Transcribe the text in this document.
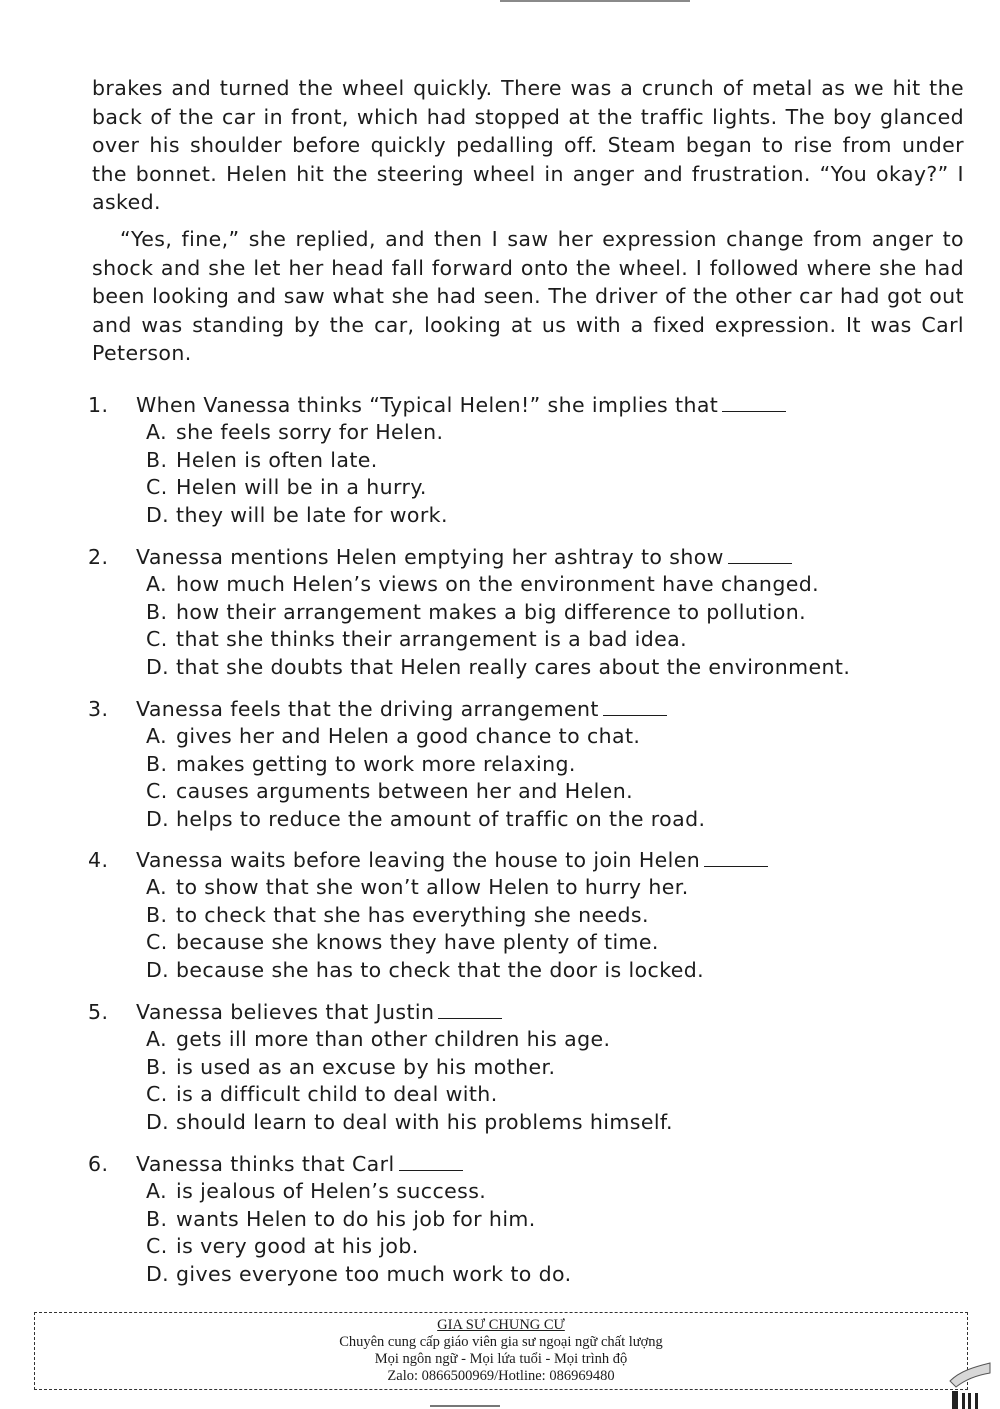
brakes and turned the wheel quickly. There was a crunch of metal as we hit the back of the car in front, which had stopped at the traffic lights. The boy glanced over his shoulder before quickly pedalling off. Steam began to rise from under the bonnet. Helen hit the steering wheel in anger and frustration. “You okay?” I asked.

“Yes, fine,” she replied, and then I saw her expression change from anger to shock and she let her head fall forward onto the wheel. I followed where she had been looking and saw what she had seen. The driver of the other car had got out and was standing by the car, looking at us with a fixed expression. It was Carl Peterson.

1. When Vanessa thinks “Typical Helen!” she implies that
A. she feels sorry for Helen.
B. Helen is often late.
C. Helen will be in a hurry.
D. they will be late for work.
2. Vanessa mentions Helen emptying her ashtray to show
A. how much Helen’s views on the environment have changed.
B. how their arrangement makes a big difference to pollution.
C. that she thinks their arrangement is a bad idea.
D. that she doubts that Helen really cares about the environment.
3. Vanessa feels that the driving arrangement
A. gives her and Helen a good chance to chat.
B. makes getting to work more relaxing.
C. causes arguments between her and Helen.
D. helps to reduce the amount of traffic on the road.
4. Vanessa waits before leaving the house to join Helen
A. to show that she won’t allow Helen to hurry her.
B. to check that she has everything she needs.
C. because she knows they have plenty of time.
D. because she has to check that the door is locked.
5. Vanessa believes that Justin
A. gets ill more than other children his age.
B. is used as an excuse by his mother.
C. is a difficult child to deal with.
D. should learn to deal with his problems himself.
6. Vanessa thinks that Carl
A. is jealous of Helen’s success.
B. wants Helen to do his job for him.
C. is very good at his job.
D. gives everyone too much work to do.
GIA SƯ CHUNG CƯ
Chuyên cung cấp giáo viên gia sư ngoại ngữ chất lượng
Mọi ngôn ngữ - Mọi lứa tuổi - Mọi trình độ
Zalo: 0866500969/Hotline: 086969480
